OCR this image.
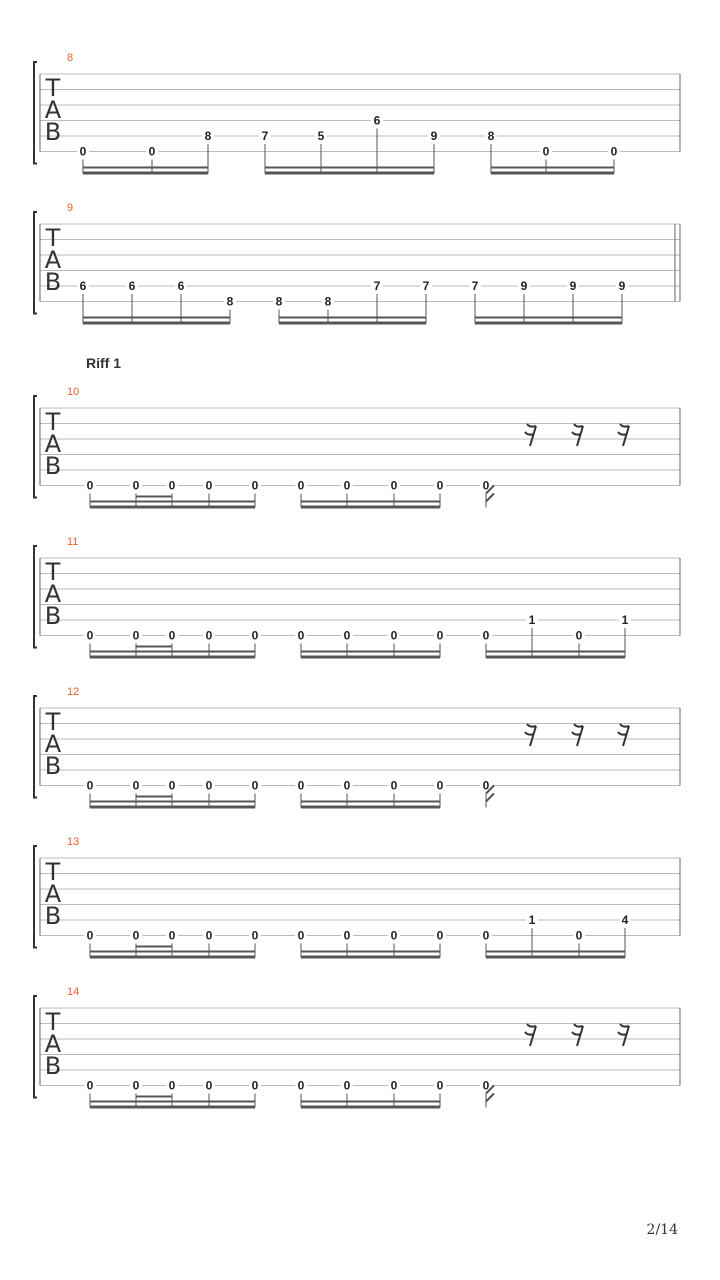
Riff 1
2/14
T
A
B
8
0	0
8	7	5
6
9	8
0	0
T
A
B
9
6	6	6
8	8	8
7	7	7	9	9	9
T
A
B
10
0	0 0	0	0	0	0	0	0	0
T
A
B
11
0	0 0	0	0	0	0	0	0	0
1
0
1
T
A
B
12
0	0 0	0	0	0	0	0	0	0
T
A
B
13
0	0 0	0	0	0	0	0	0	0
1
0
4
T
A
B
14
0	0 0	0	0	0	0	0	0	0
